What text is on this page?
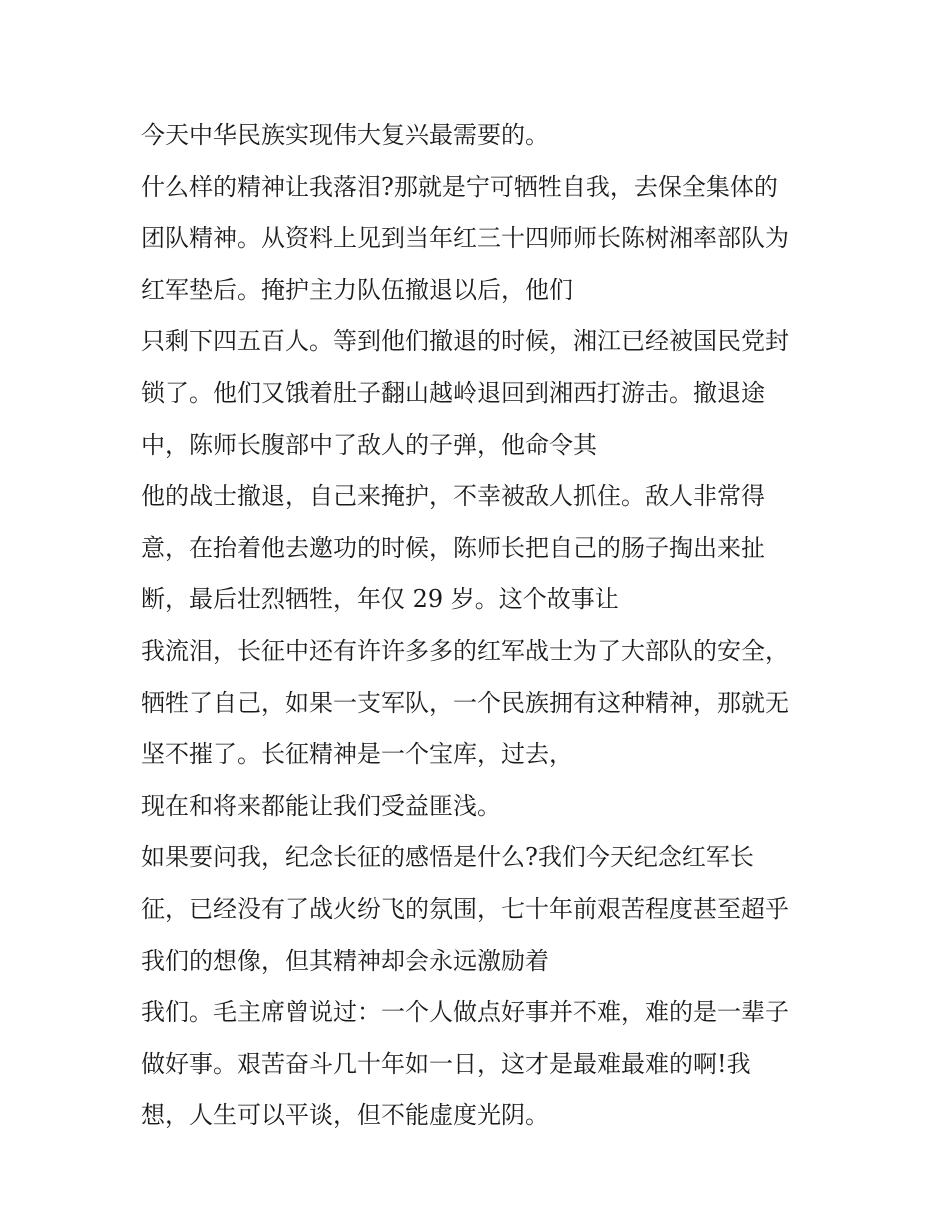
今天中华民族实现伟大复兴最需要的。
什么样的精神让我落泪?那就是宁可牺牲自我，去保全集体的
团队精神。从资料上见到当年红三十四师师长陈树湘率部队为
红军垫后。掩护主力队伍撤退以后，他们
只剩下四五百人。等到他们撤退的时候，湘江已经被国民党封
锁了。他们又饿着肚子翻山越岭退回到湘西打游击。撤退途
中，陈师长腹部中了敌人的子弹，他命令其
他的战士撤退，自己来掩护，不幸被敌人抓住。敌人非常得
意，在抬着他去邀功的时候，陈师长把自己的肠子掏出来扯
断，最后壮烈牺牲，年仅 29 岁。这个故事让
我流泪，长征中还有许许多多的红军战士为了大部队的安全，
牺牲了自己，如果一支军队，一个民族拥有这种精神，那就无
坚不摧了。长征精神是一个宝库，过去，
现在和将来都能让我们受益匪浅。
如果要问我，纪念长征的感悟是什么?我们今天纪念红军长
征，已经没有了战火纷飞的氛围，七十年前艰苦程度甚至超乎
我们的想像，但其精神却会永远激励着
我们。毛主席曾说过：一个人做点好事并不难，难的是一辈子
做好事。艰苦奋斗几十年如一日，这才是最难最难的啊!我
想，人生可以平谈，但不能虚度光阴。
